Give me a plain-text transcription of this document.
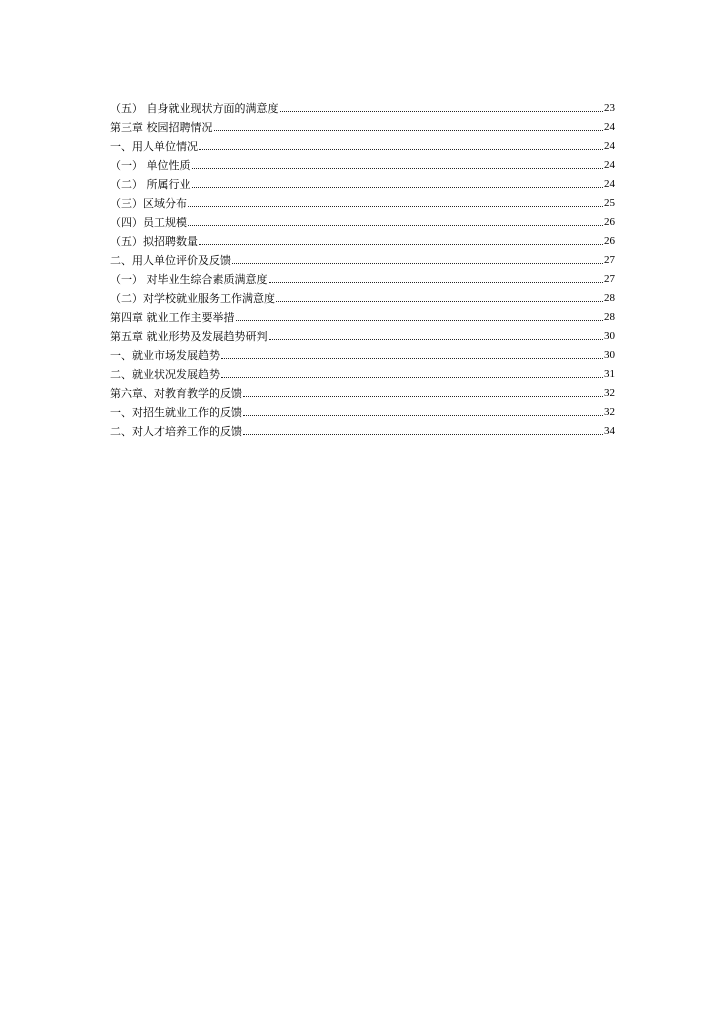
（五） 自身就业现状方面的满意度	23
第三章 校园招聘情况	24
一、用人单位情况	24
（一） 单位性质	24
（二） 所属行业	24
（三）区域分布	25
（四）员工规模	26
（五）拟招聘数量	26
二、用人单位评价及反馈	27
（一） 对毕业生综合素质满意度	27
（二）对学校就业服务工作满意度	28
第四章 就业工作主要举措	28
第五章 就业形势及发展趋势研判	30
一、就业市场发展趋势	30
二、就业状况发展趋势	31
第六章、对教育教学的反馈	32
一、对招生就业工作的反馈	32
二、对人才培养工作的反馈	34
